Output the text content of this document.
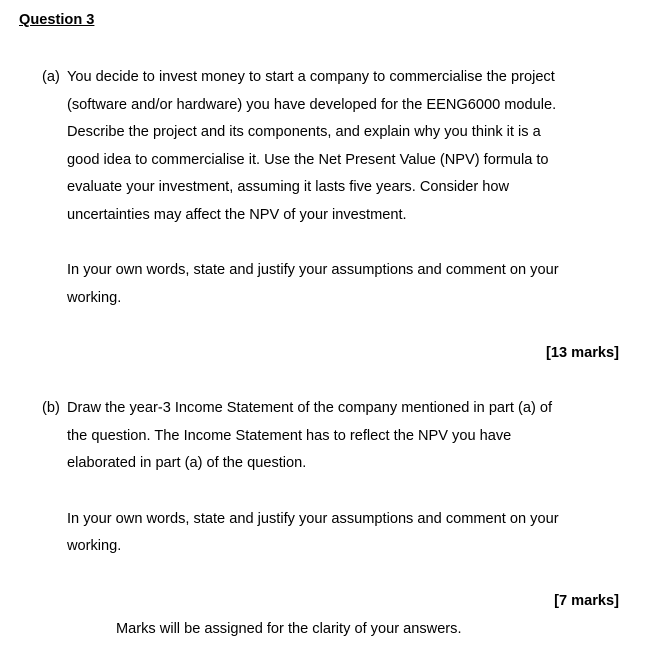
Question 3
(a) You decide to invest money to start a company to commercialise the project
(software and/or hardware) you have developed for the EENG6000 module.
Describe the project and its components, and explain why you think it is a
good idea to commercialise it. Use the Net Present Value (NPV) formula to
evaluate your investment, assuming it lasts five years. Consider how
uncertainties may affect the NPV of your investment.
In your own words, state and justify your assumptions and comment on your
working.
[13 marks]
(b) Draw the year-3 Income Statement of the company mentioned in part (a) of
the question. The Income Statement has to reflect the NPV you have
elaborated in part (a) of the question.
In your own words, state and justify your assumptions and comment on your
working.
[7 marks]
Marks will be assigned for the clarity of your answers.
